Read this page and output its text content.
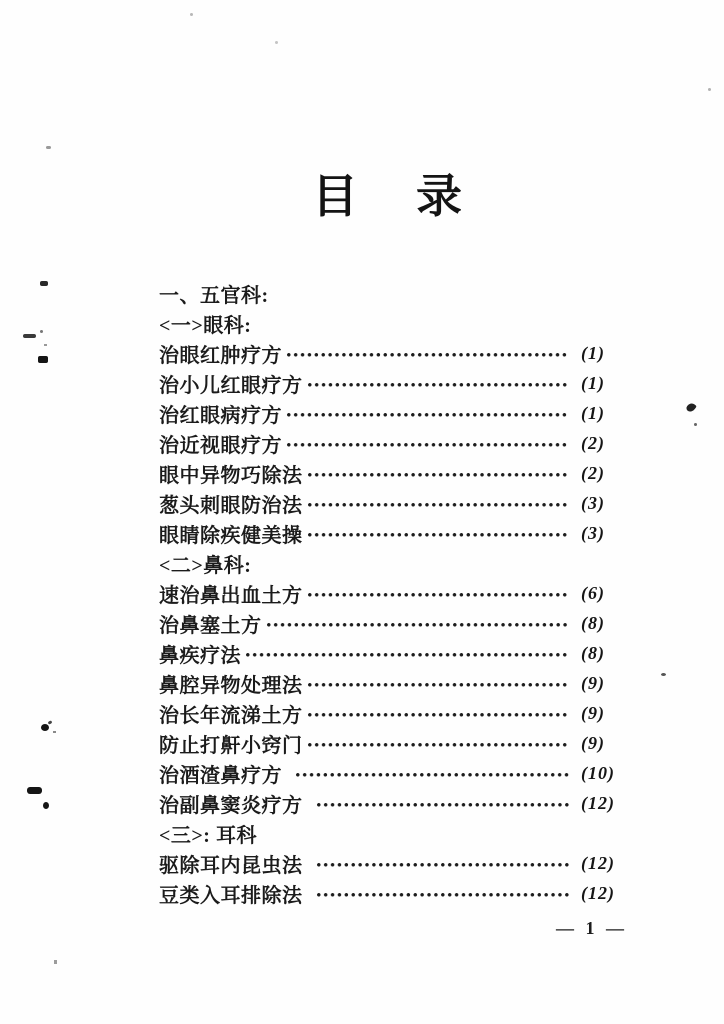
目 录
一、五官科:
<一>眼科:
治眼红肿疗方	(1)
治小儿红眼疗方	(1)
治红眼病疗方	(1)
治近视眼疗方	(2)
眼中异物巧除法	(2)
葱头刺眼防治法	(3)
眼睛除疾健美操	(3)
<二>鼻科:
速治鼻出血土方	(6)
治鼻塞土方	(8)
鼻疾疗法	(8)
鼻腔异物处理法	(9)
治长年流涕土方	(9)
防止打鼾小窍门	(9)
治酒渣鼻疗方	(10)
治副鼻窦炎疗方	(12)
<三>: 耳科
驱除耳内昆虫法	(12)
豆类入耳排除法	(12)
— 1 —
